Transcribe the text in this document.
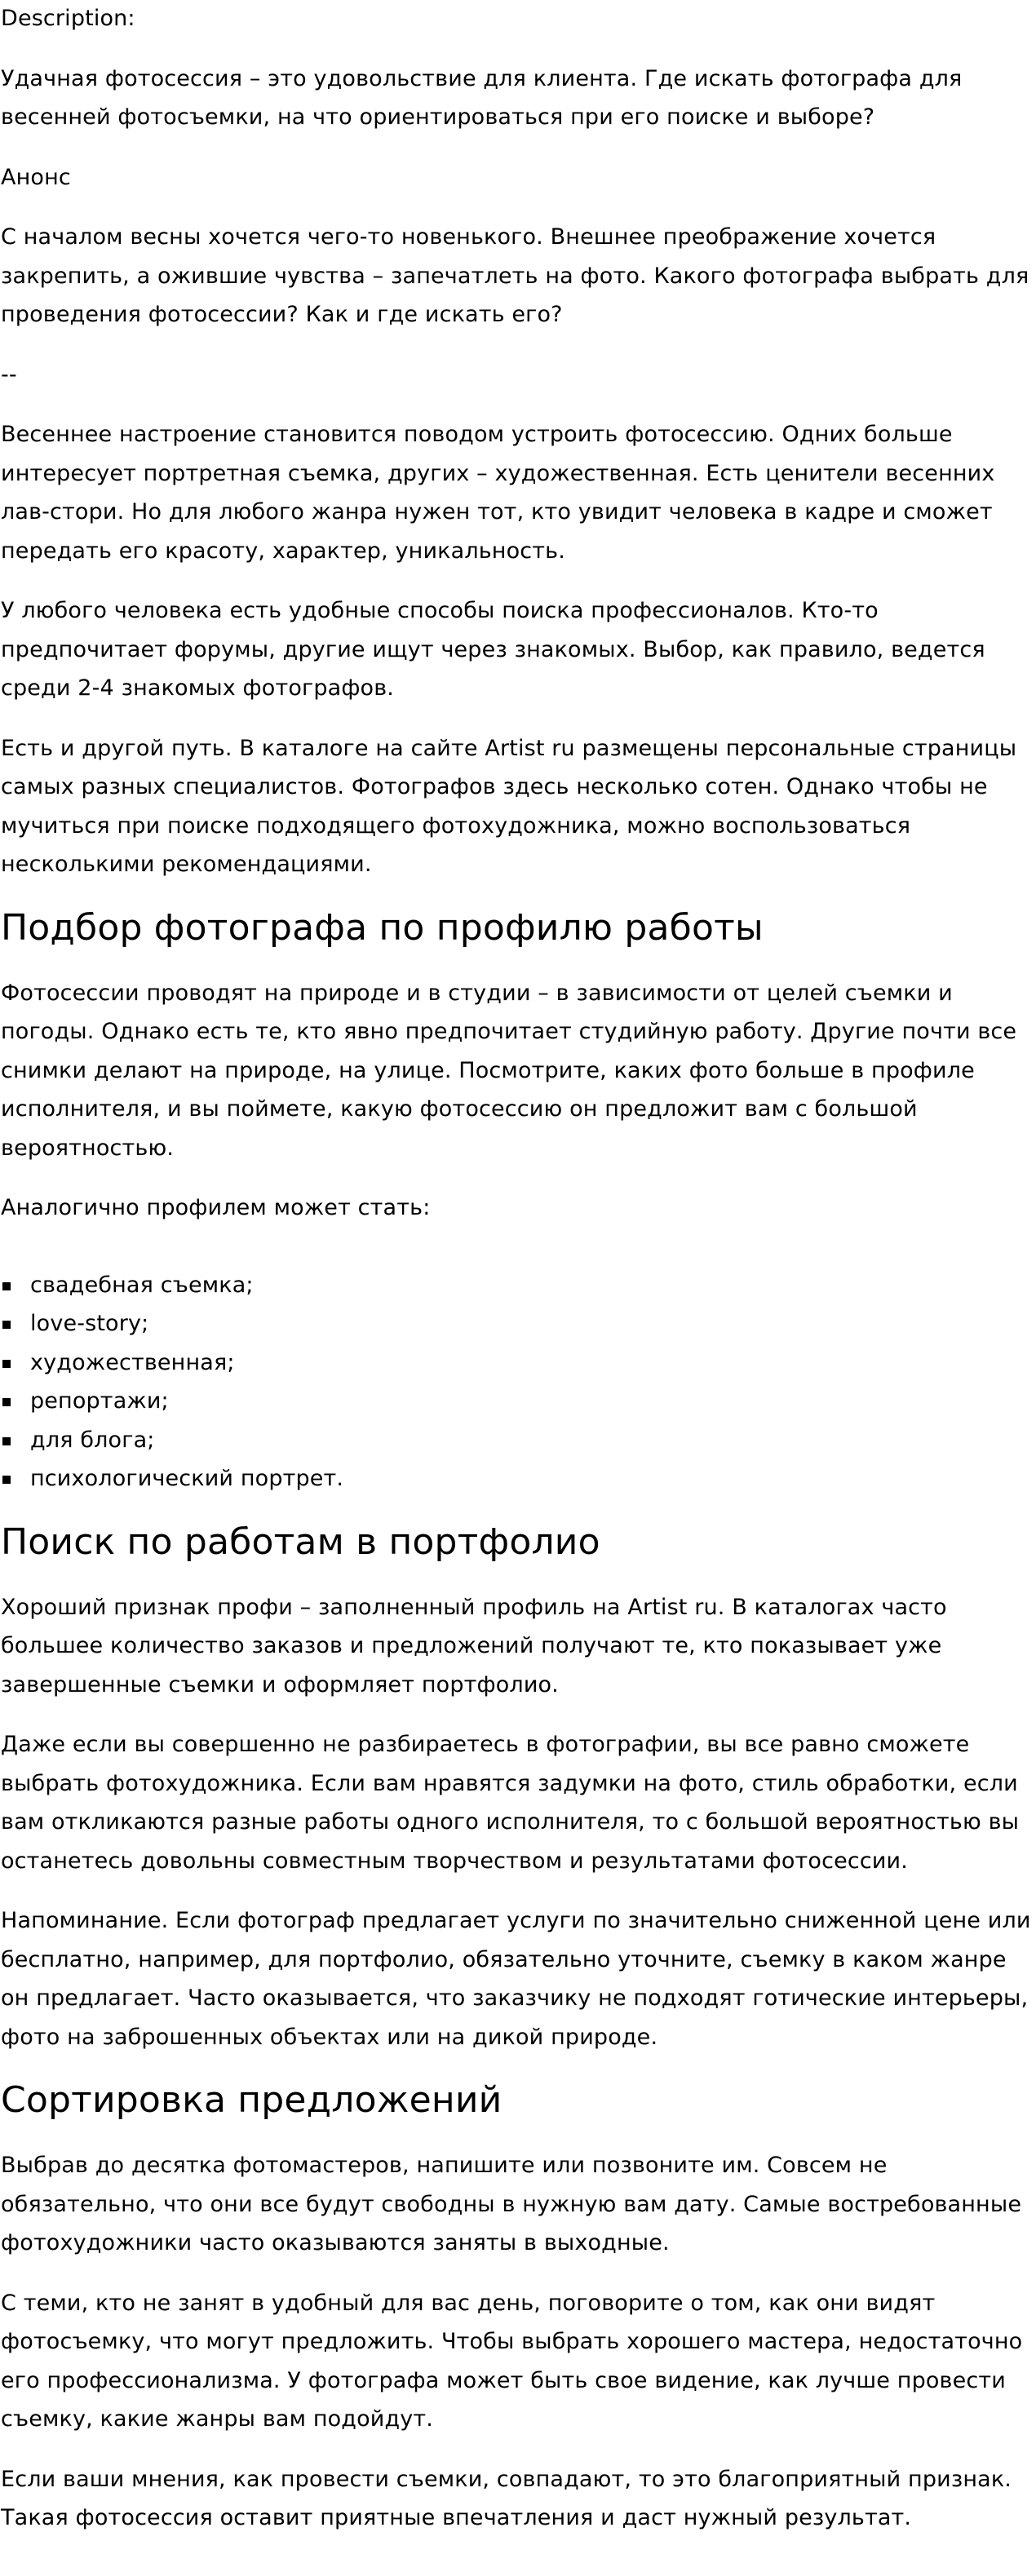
Description:

Удачная фотосессия – это удовольствие для клиента. Где искать фотографа для весенней фотосъемки, на что ориентироваться при его поиске и выборе?

Анонс

С началом весны хочется чего-то новенького. Внешнее преображение хочется закрепить, а ожившие чувства – запечатлеть на фото. Какого фотографа выбрать для проведения фотосессии? Как и где искать его?

--

Весеннее настроение становится поводом устроить фотосессию. Одних больше интересует портретная съемка, других – художественная. Есть ценители весенних лав-стори. Но для любого жанра нужен тот, кто увидит человека в кадре и сможет передать его красоту, характер, уникальность.

У любого человека есть удобные способы поиска профессионалов. Кто-то предпочитает форумы, другие ищут через знакомых. Выбор, как правило, ведется среди 2-4 знакомых фотографов.

Есть и другой путь. В каталоге на сайте Artist ru размещены персональные страницы самых разных специалистов. Фотографов здесь несколько сотен. Однако чтобы не мучиться при поиске подходящего фотохудожника, можно воспользоваться несколькими рекомендациями.

Подбор фотографа по профилю работы

Фотосессии проводят на природе и в студии – в зависимости от целей съемки и погоды. Однако есть те, кто явно предпочитает студийную работу. Другие почти все снимки делают на природе, на улице. Посмотрите, каких фото больше в профиле исполнителя, и вы поймете, какую фотосессию он предложит вам с большой вероятностью.

Аналогично профилем может стать:

свадебная съемка;
love-story;
художественная;
репортажи;
для блога;
психологический портрет.
Поиск по работам в портфолио

Хороший признак профи – заполненный профиль на Artist ru. В каталогах часто большее количество заказов и предложений получают те, кто показывает уже завершенные съемки и оформляет портфолио.

Даже если вы совершенно не разбираетесь в фотографии, вы все равно сможете выбрать фотохудожника. Если вам нравятся задумки на фото, стиль обработки, если вам откликаются разные работы одного исполнителя, то с большой вероятностью вы останетесь довольны совместным творчеством и результатами фотосессии.

Напоминание. Если фотограф предлагает услуги по значительно сниженной цене или бесплатно, например, для портфолио, обязательно уточните, съемку в каком жанре он предлагает. Часто оказывается, что заказчику не подходят готические интерьеры, фото на заброшенных объектах или на дикой природе.

Сортировка предложений

Выбрав до десятка фотомастеров, напишите или позвоните им. Совсем не обязательно, что они все будут свободны в нужную вам дату. Самые востребованные фотохудожники часто оказываются заняты в выходные.

С теми, кто не занят в удобный для вас день, поговорите о том, как они видят фотосъемку, что могут предложить. Чтобы выбрать хорошего мастера, недостаточно его профессионализма. У фотографа может быть свое видение, как лучше провести съемку, какие жанры вам подойдут.

Если ваши мнения, как провести съемки, совпадают, то это благоприятный признак. Такая фотосессия оставит приятные впечатления и даст нужный результат.
